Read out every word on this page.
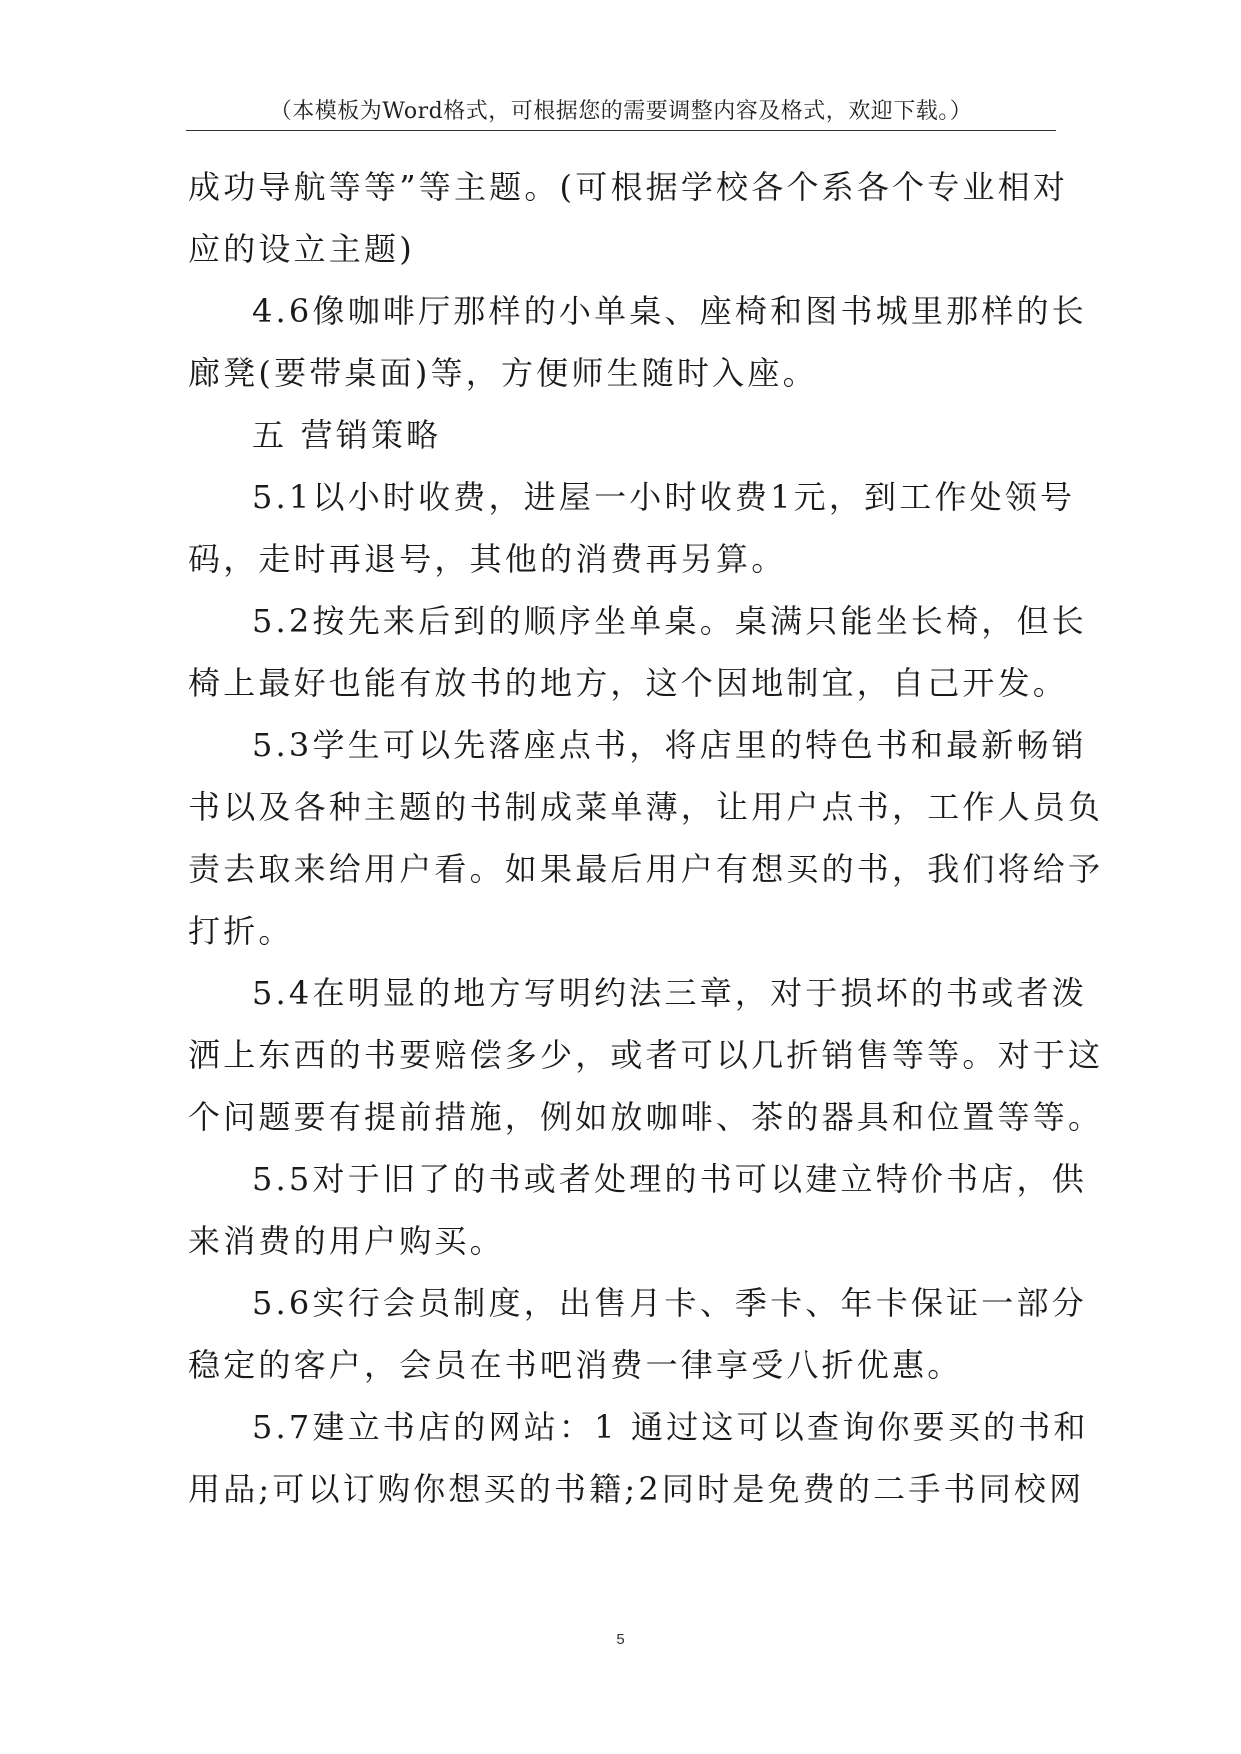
（本模板为Word格式，可根据您的需要调整内容及格式，欢迎下载。）
成功导航等等”等主题。(可根据学校各个系各个专业相对
应的设立主题)
4.6像咖啡厅那样的小单桌、座椅和图书城里那样的长
廊凳(要带桌面)等，方便师生随时入座。
五 营销策略
5.1以小时收费，进屋一小时收费1元，到工作处领号
码，走时再退号，其他的消费再另算。
5.2按先来后到的顺序坐单桌。桌满只能坐长椅，但长
椅上最好也能有放书的地方，这个因地制宜，自己开发。
5.3学生可以先落座点书，将店里的特色书和最新畅销
书以及各种主题的书制成菜单薄，让用户点书，工作人员负
责去取来给用户看。如果最后用户有想买的书，我们将给予
打折。
5.4在明显的地方写明约法三章，对于损坏的书或者泼
洒上东西的书要赔偿多少，或者可以几折销售等等。对于这
个问题要有提前措施，例如放咖啡、茶的器具和位置等等。
5.5对于旧了的书或者处理的书可以建立特价书店，供
来消费的用户购买。
5.6实行会员制度，出售月卡、季卡、年卡保证一部分
稳定的客户，会员在书吧消费一律享受八折优惠。
5.7建立书店的网站：1 通过这可以查询你要买的书和
用品;可以订购你想买的书籍;2同时是免费的二手书同校网
5
